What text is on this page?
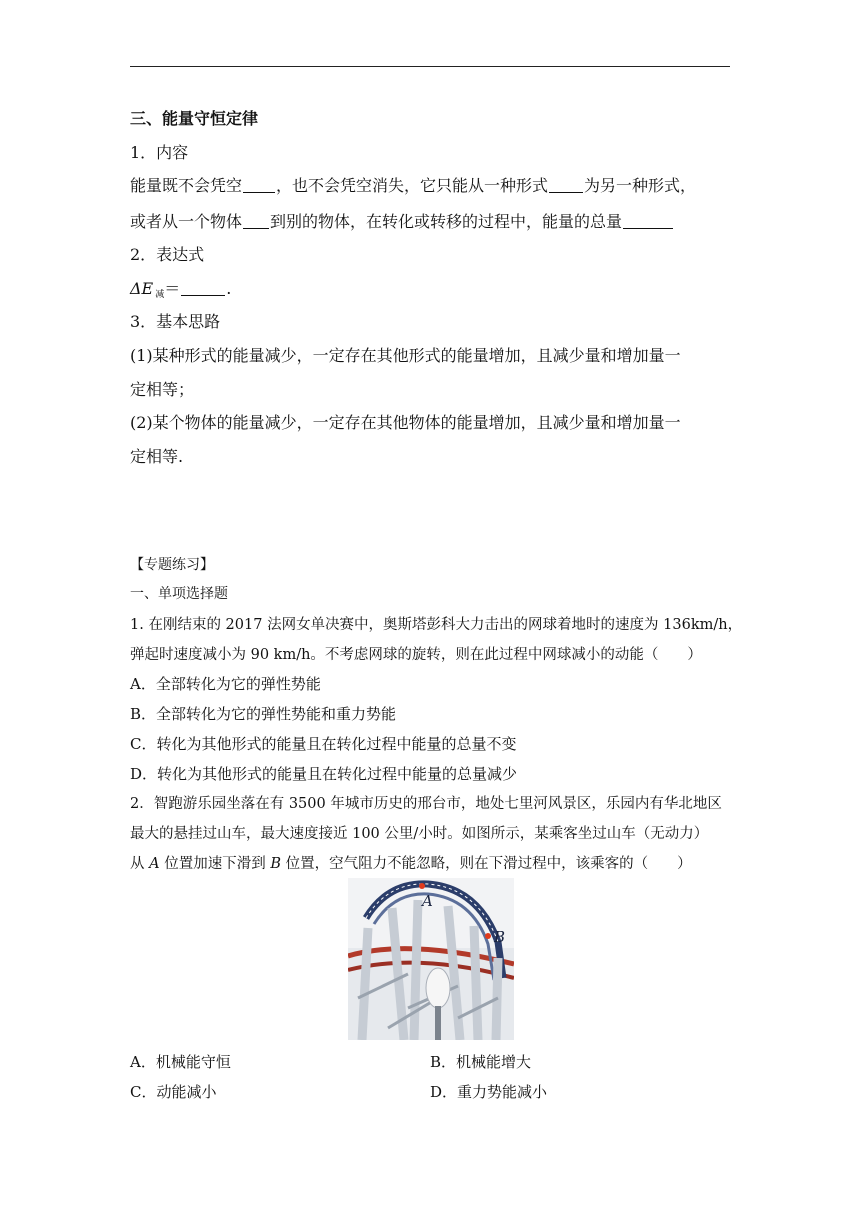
三、能量守恒定律
1．内容
能量既不会凭空 ，也不会凭空消失，它只能从一种形式 为另一种形式，
或者从一个物体 到别的物体，在转化或转移的过程中，能量的总量
2．表达式
ΔE $_减$＝	.
3．基本思路
(1)某种形式的能量减少，一定存在其他形式的能量增加，且减少量和增加量一
定相等；
(2)某个物体的能量减少，一定存在其他物体的能量增加，且减少量和增加量一
定相等.
【专题练习】
一、单项选择题
1. 在刚结束的 2017 法网女单决赛中，奥斯塔彭科大力击出的网球着地时的速度为 136km/h，
弹起时速度减小为 90 km/h。不考虑网球的旋转，则在此过程中网球减小的动能（　　）
A．全部转化为它的弹性势能
B．全部转化为它的弹性势能和重力势能
C．转化为其他形式的能量且在转化过程中能量的总量不变
D．转化为其他形式的能量且在转化过程中能量的总量减少
2．智跑游乐园坐落在有 3500 年城市历史的邢台市，地处七里河风景区，乐园内有华北地区
最大的悬挂过山车，最大速度接近 100 公里/小时。如图所示，某乘客坐过山车（无动力）
从 A 位置加速下滑到 B 位置，空气阻力不能忽略，则在下滑过程中，该乘客的（　　）
A
B
A．机械能守恒	B．机械能增大
C．动能减小	D．重力势能减小
